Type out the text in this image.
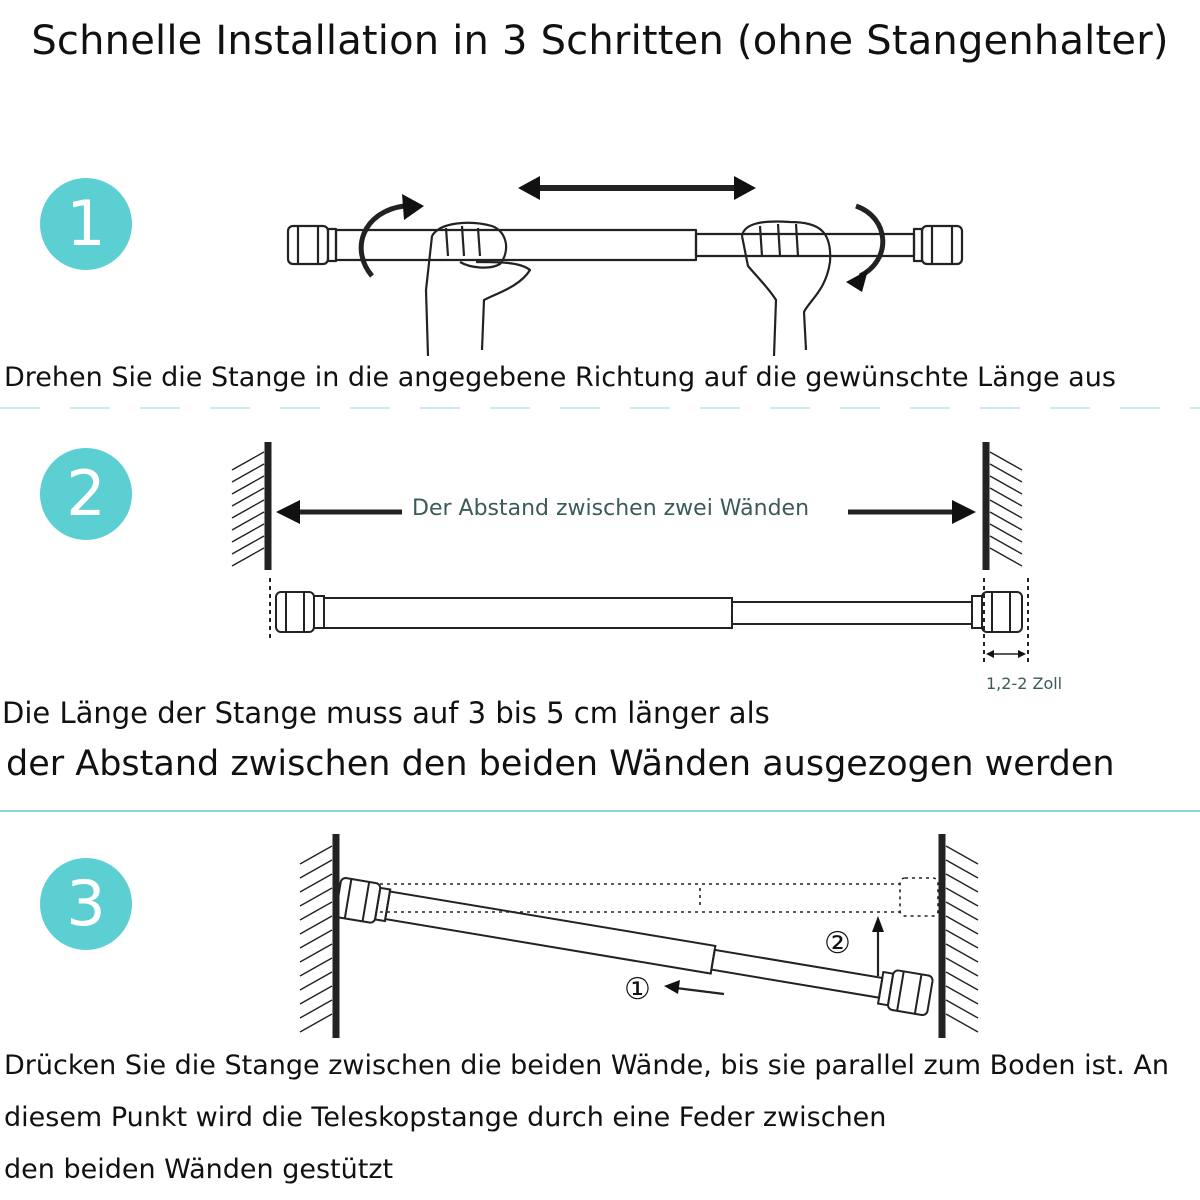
Schnelle Installation in 3 Schritten (ohne Stangenhalter)
1
Drehen Sie die Stange in die angegebene Richtung auf die gewünschte Länge aus
2	Der Abstand zwischen zwei Wänden
1,2-2 Zoll
Die Länge der Stange muss auf 3 bis 5 cm länger als
der Abstand zwischen den beiden Wänden ausgezogen werden
3
②
①
Drücken Sie die Stange zwischen die beiden Wände, bis sie parallel zum Boden ist. An
diesem Punkt wird die Teleskopstange durch eine Feder zwischen
den beiden Wänden gestützt
